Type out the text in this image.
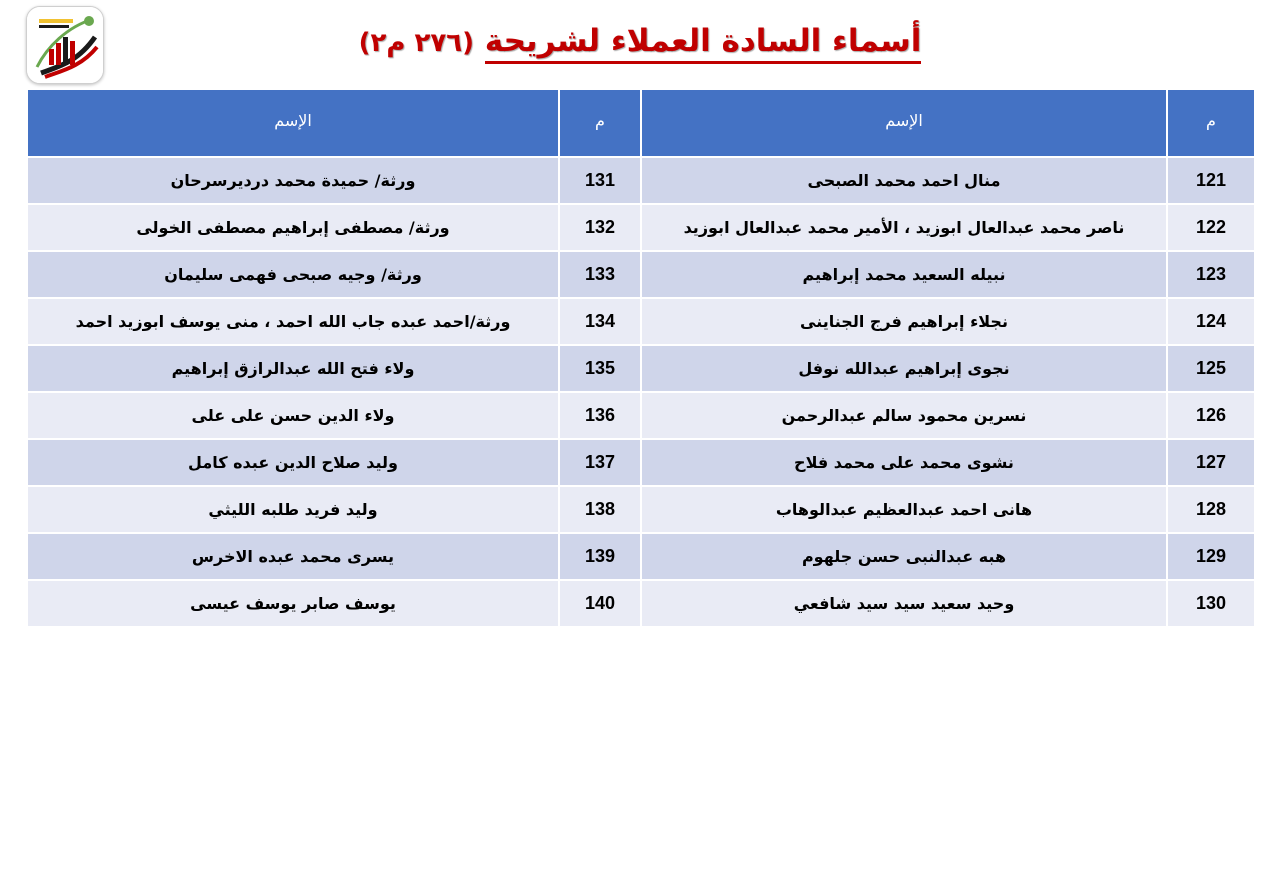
أسماء السادة العملاء لشريحة (٢٧٦ م٢)
م	الإسم	م	الإسم
121	منال احمد محمد الصبحى	131	ورثة/ حميدة محمد درديرسرحان
122	ناصر محمد عبدالعال ابوزيد ، الأمير محمد عبدالعال ابوزيد	132	ورثة/ مصطفى إبراهيم مصطفى الخولى
123	نبيله السعيد محمد إبراهيم	133	ورثة/ وجيه صبحى فهمى سليمان
124	نجلاء إبراهيم فرج الجناينى	134	ورثة/احمد عبده جاب الله احمد ، منى يوسف ابوزيد احمد
125	نجوى إبراهيم عبدالله نوفل	135	ولاء فتح الله عبدالرازق إبراهيم
126	نسرين محمود سالم عبدالرحمن	136	ولاء الدين حسن على على
127	نشوى محمد على محمد فلاح	137	وليد صلاح الدين عبده كامل
128	هانى احمد عبدالعظيم عبدالوهاب	138	وليد فريد طلبه الليثي
129	هبه عبدالنبى حسن جلهوم	139	يسرى محمد عبده الاخرس
130	وحيد سعيد سيد سيد شافعي	140	يوسف صابر يوسف عيسى
